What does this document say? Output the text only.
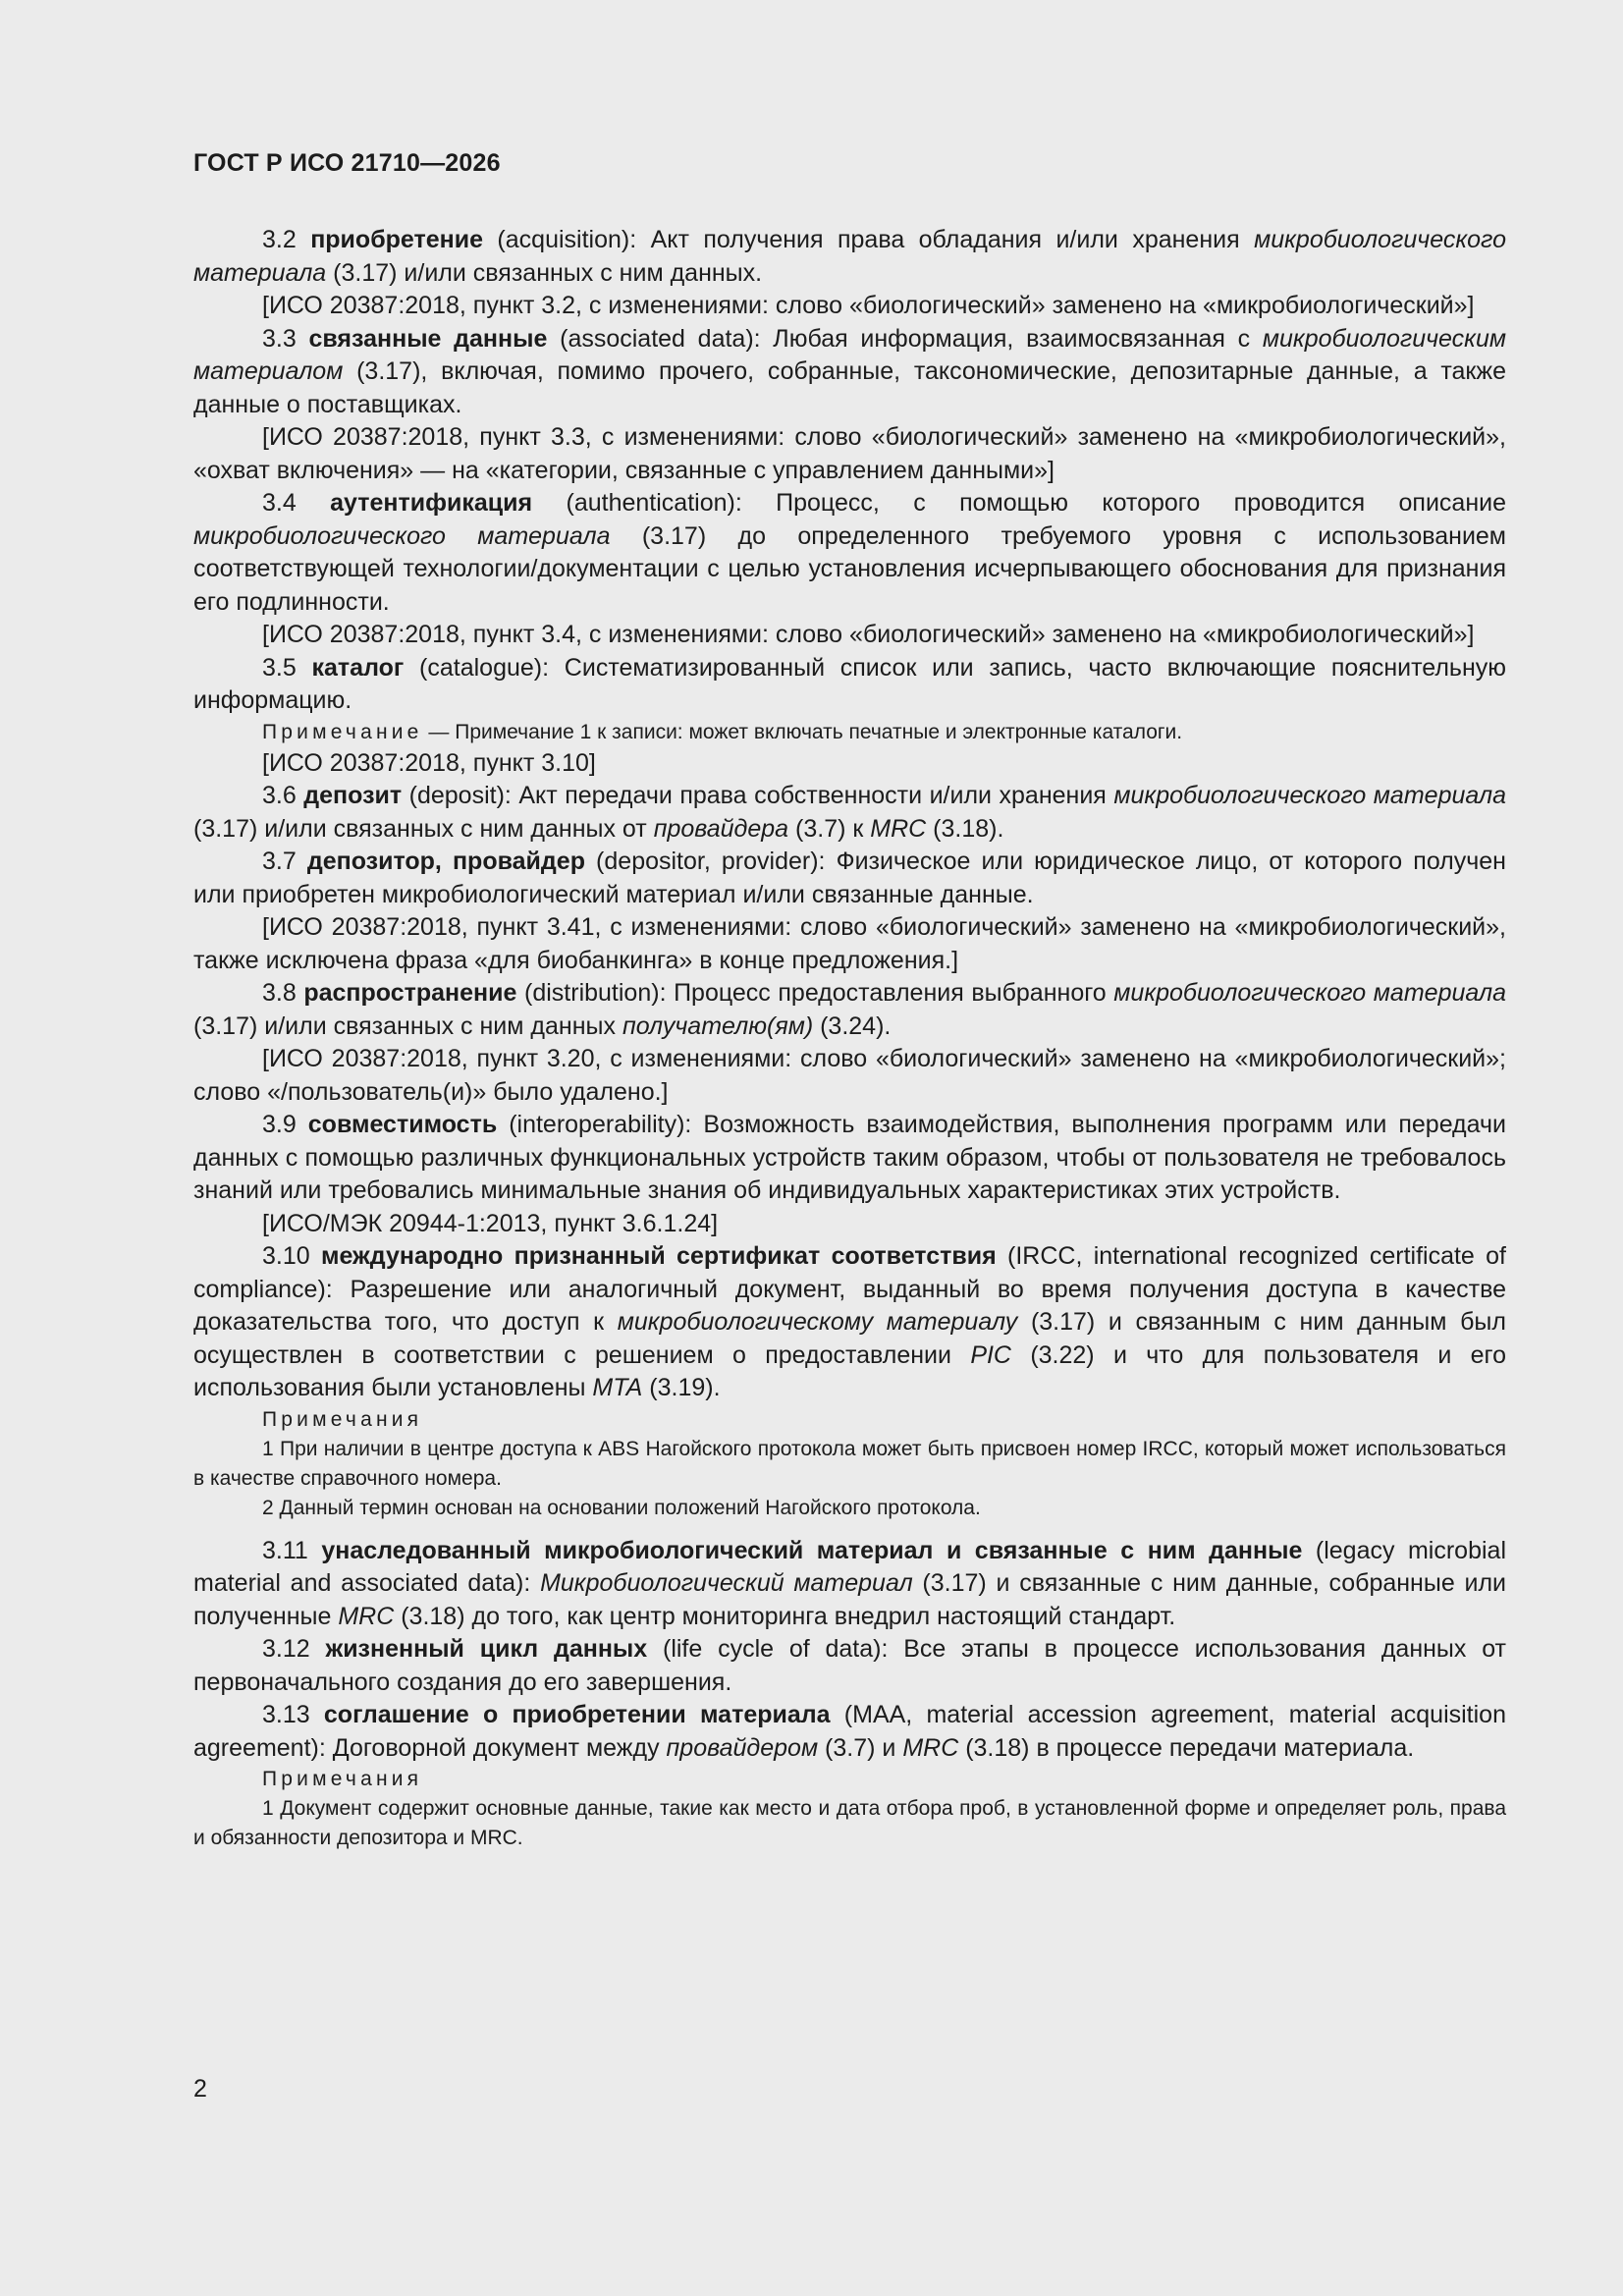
ГОСТ Р ИСО 21710—2026

3.2 приобретение (acquisition): Акт получения права обладания и/или хранения микробиологического материала (3.17) и/или связанных с ним данных.

[ИСО 20387:2018, пункт 3.2, с изменениями: слово «биологический» заменено на «микробиологический»]

3.3 связанные данные (associated data): Любая информация, взаимосвязанная с микробиологическим материалом (3.17), включая, помимо прочего, собранные, таксономические, депозитарные данные, а также данные о поставщиках.

[ИСО 20387:2018, пункт 3.3, с изменениями: слово «биологический» заменено на «микробиологический», «охват включения» — на «категории, связанные с управлением данными»]

3.4 аутентификация (authentication): Процесс, с помощью которого проводится описание микробиологического материала (3.17) до определенного требуемого уровня с использованием соответствующей технологии/документации с целью установления исчерпывающего обоснования для признания его подлинности.

[ИСО 20387:2018, пункт 3.4, с изменениями: слово «биологический» заменено на «микробиологический»]

3.5 каталог (catalogue): Систематизированный список или запись, часто включающие пояснительную информацию.

Примечание — Примечание 1 к записи: может включать печатные и электронные каталоги.

[ИСО 20387:2018, пункт 3.10]

3.6 депозит (deposit): Акт передачи права собственности и/или хранения микробиологического материала (3.17) и/или связанных с ним данных от провайдера (3.7) к MRC (3.18).

3.7 депозитор, провайдер (depositor, provider): Физическое или юридическое лицо, от которого получен или приобретен микробиологический материал и/или связанные данные.

[ИСО 20387:2018, пункт 3.41, с изменениями: слово «биологический» заменено на «микробиологический», также исключена фраза «для биобанкинга» в конце предложения.]

3.8 распространение (distribution): Процесс предоставления выбранного микробиологического материала (3.17) и/или связанных с ним данных получателю(ям) (3.24).

[ИСО 20387:2018, пункт 3.20, с изменениями: слово «биологический» заменено на «микробиологический»; слово «/пользователь(и)» было удалено.]

3.9 совместимость (interoperability): Возможность взаимодействия, выполнения программ или передачи данных с помощью различных функциональных устройств таким образом, чтобы от пользователя не требовалось знаний или требовались минимальные знания об индивидуальных характеристиках этих устройств.

[ИСО/МЭК 20944-1:2013, пункт 3.6.1.24]

3.10 международно признанный сертификат соответствия (IRCC, international recognized certificate of compliance): Разрешение или аналогичный документ, выданный во время получения доступа в качестве доказательства того, что доступ к микробиологическому материалу (3.17) и связанным с ним данным был осуществлен в соответствии с решением о предоставлении PIC (3.22) и что для пользователя и его использования были установлены MTA (3.19).

Примечания

1 При наличии в центре доступа к ABS Нагойского протокола может быть присвоен номер IRCC, который может использоваться в качестве справочного номера.

2 Данный термин основан на основании положений Нагойского протокола.

3.11 унаследованный микробиологический материал и связанные с ним данные (legacy microbial material and associated data): Микробиологический материал (3.17) и связанные с ним данные, собранные или полученные MRC (3.18) до того, как центр мониторинга внедрил настоящий стандарт.

3.12 жизненный цикл данных (life cycle of data): Все этапы в процессе использования данных от первоначального создания до его завершения.

3.13 соглашение о приобретении материала (MAA, material accession agreement, material acquisition agreement): Договорной документ между провайдером (3.7) и MRC (3.18) в процессе передачи материала.

Примечания

1 Документ содержит основные данные, такие как место и дата отбора проб, в установленной форме и определяет роль, права и обязанности депозитора и MRC.

2
